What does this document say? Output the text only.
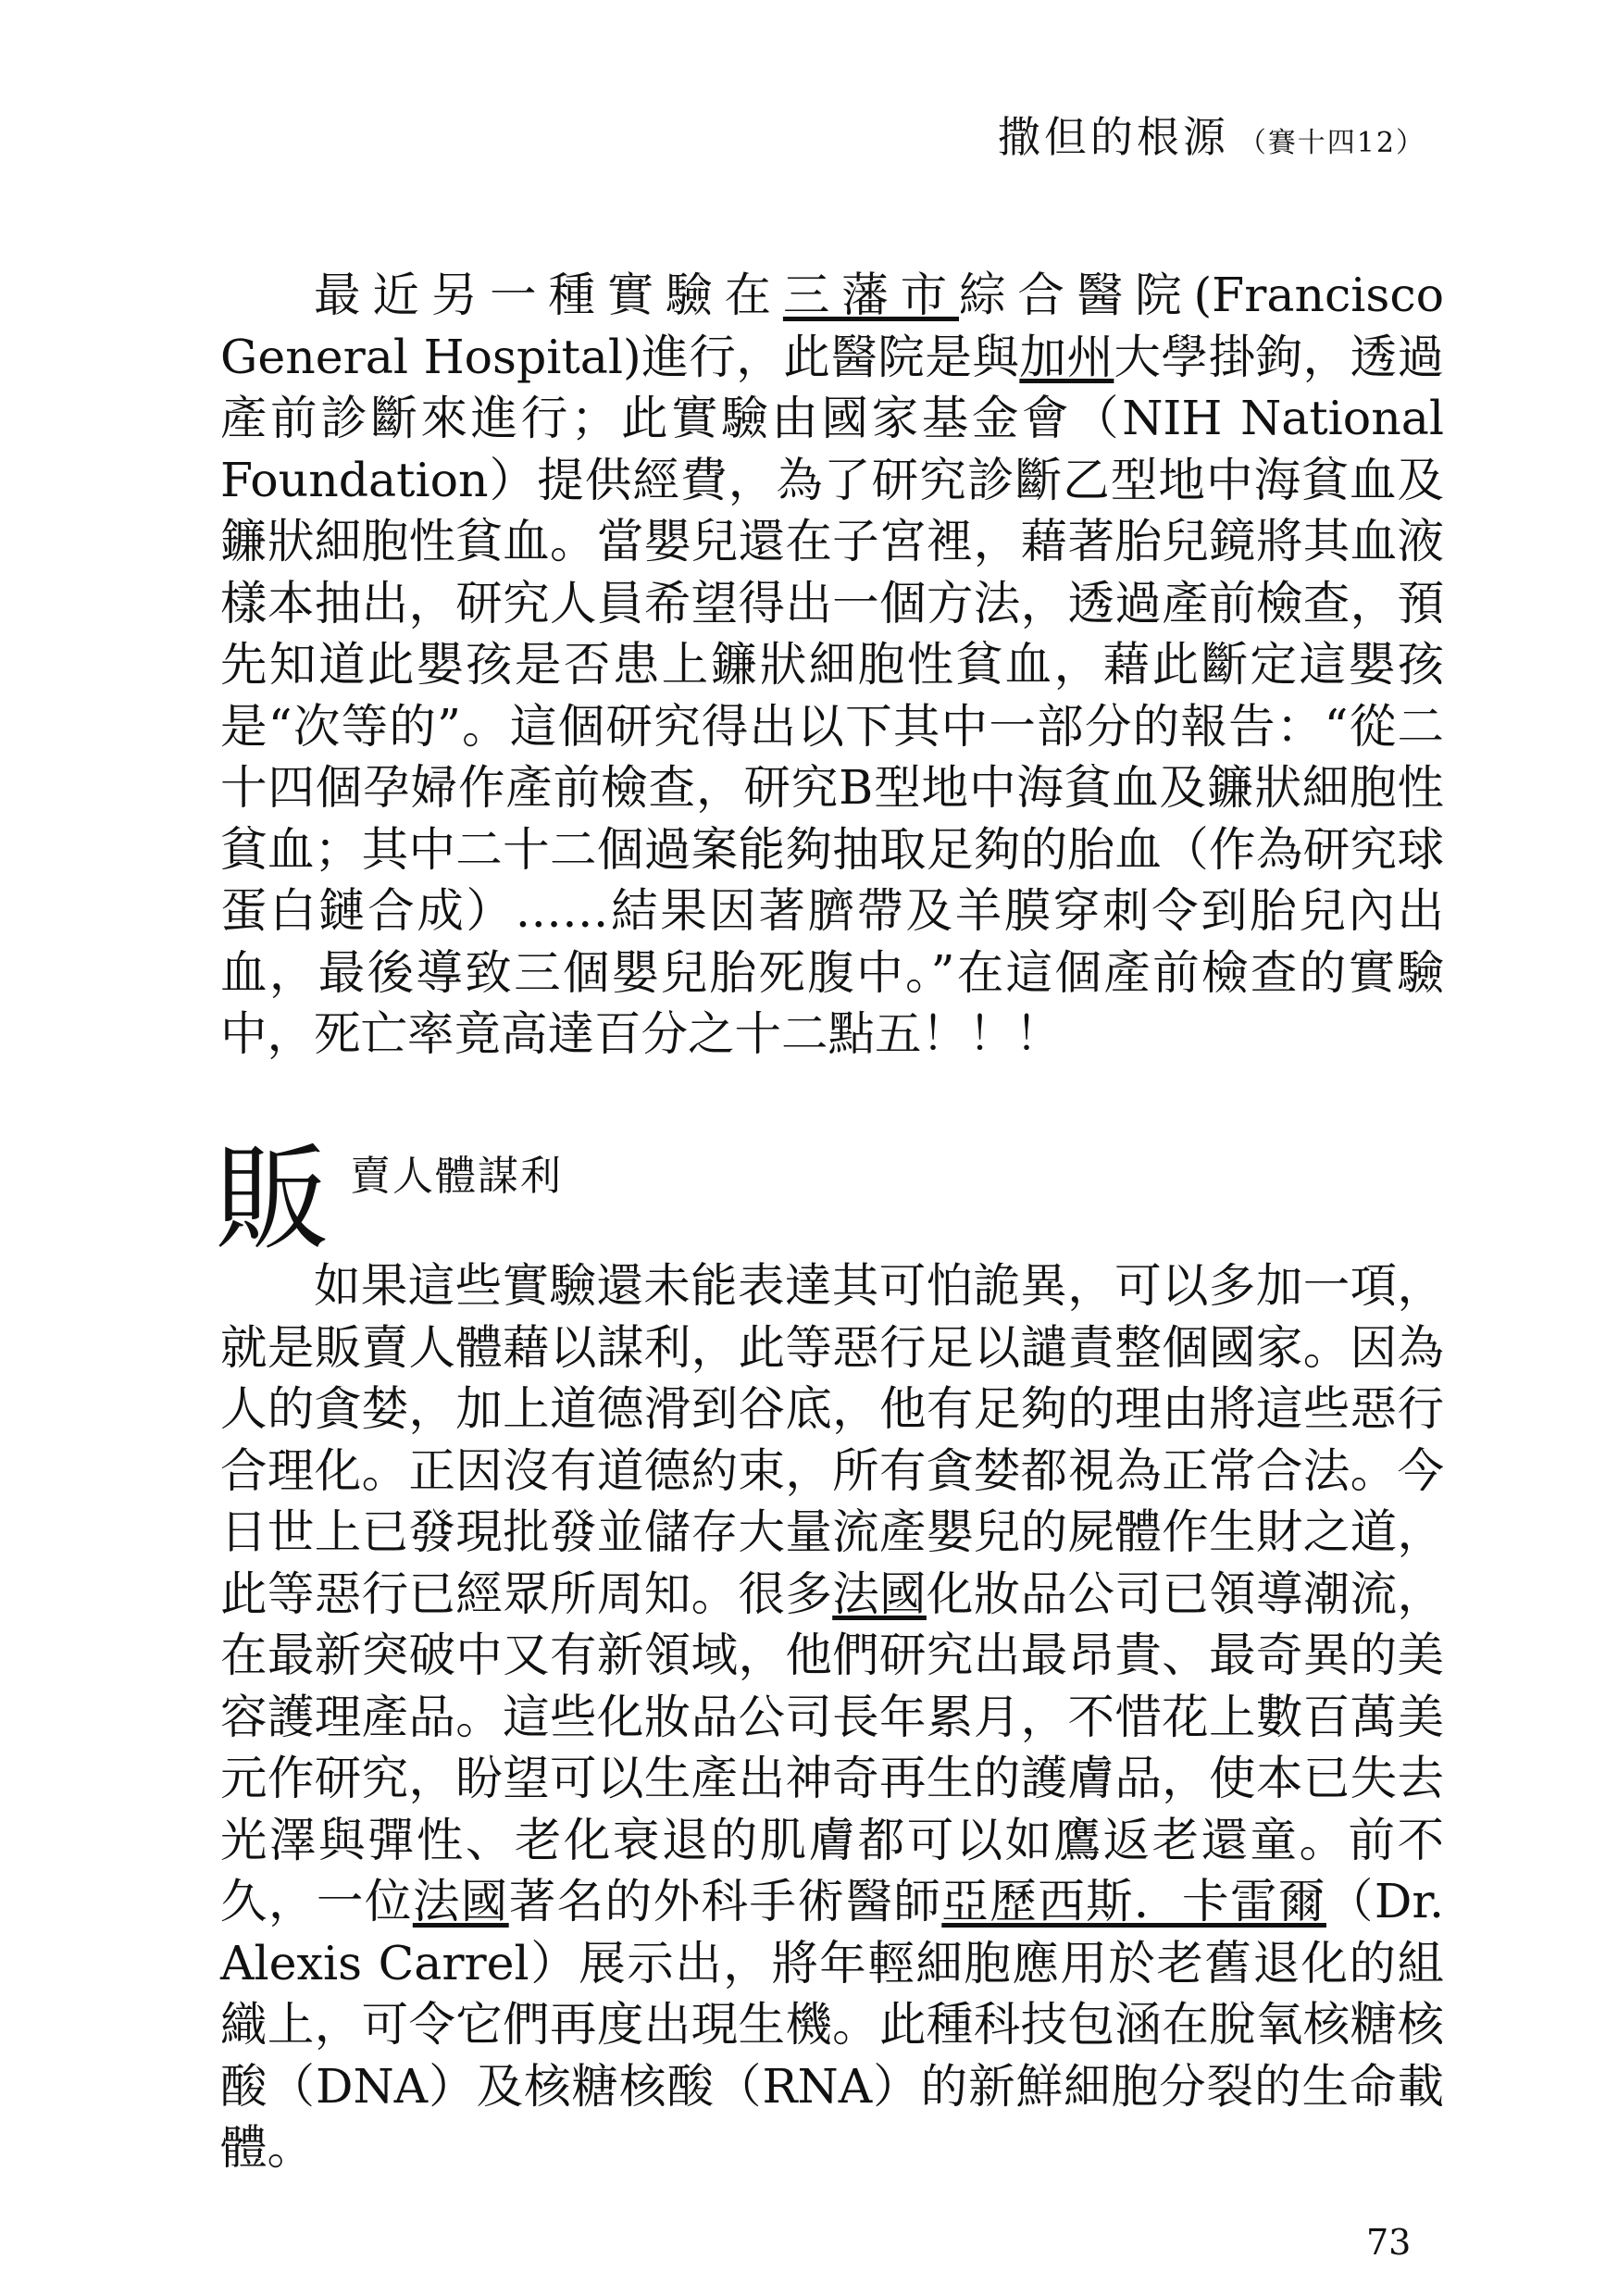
撒但的根源 （賽十四12）

最近另一種實驗在三藩市綜合醫院(Francisco General Hospital)進行，此醫院是與加州大學掛鉤，透過產前診斷來進行；此實驗由國家基金會（NIH National Foundation）提供經費，為了研究診斷乙型地中海貧血及鐮狀細胞性貧血。當嬰兒還在子宮裡，藉著胎兒鏡將其血液樣本抽出，研究人員希望得出一個方法，透過產前檢查，預先知道此嬰孩是否患上鐮狀細胞性貧血，藉此斷定這嬰孩是“次等的”。這個研究得出以下其中一部分的報告：“從二十四個孕婦作產前檢查，研究B型地中海貧血及鐮狀細胞性貧血；其中二十二個過案能夠抽取足夠的胎血（作為研究球蛋白鏈合成）……結果因著臍帶及羊膜穿刺令到胎兒內出血，最後導致三個嬰兒胎死腹中。”在這個產前檢查的實驗中，死亡率竟高達百分之十二點五！！！

販 賣人體謀利

如果這些實驗還未能表達其可怕詭異，可以多加一項，就是販賣人體藉以謀利，此等惡行足以譴責整個國家。因為人的貪婪，加上道德滑到谷底，他有足夠的理由將這些惡行合理化。正因沒有道德約束，所有貪婪都視為正常合法。今日世上已發現批發並儲存大量流產嬰兒的屍體作生財之道，此等惡行已經眾所周知。很多法國化妝品公司已領導潮流，在最新突破中又有新領域，他們研究出最昂貴、最奇異的美容護理產品。這些化妝品公司長年累月，不惜花上數百萬美元作研究，盼望可以生產出神奇再生的護膚品，使本已失去光澤與彈性、老化衰退的肌膚都可以如鷹返老還童。前不久，一位法國著名的外科手術醫師亞歷西斯．卡雷爾（Dr. Alexis Carrel）展示出，將年輕細胞應用於老舊退化的組織上，可令它們再度出現生機。此種科技包涵在脫氧核糖核酸（DNA）及核糖核酸（RNA）的新鮮細胞分裂的生命載體。

73
